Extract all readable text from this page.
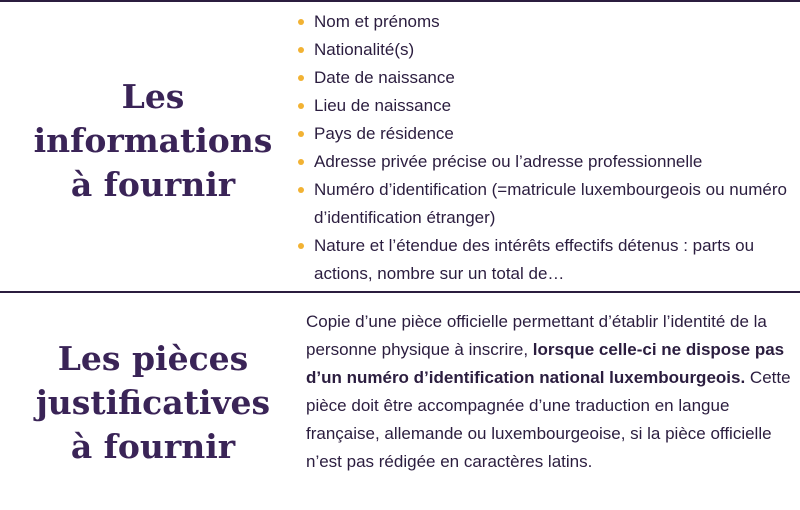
Les
informations
à fournir
Nom et prénoms
Nationalité(s)
Date de naissance
Lieu de naissance
Pays de résidence
Adresse privée précise ou l’adresse professionnelle
Numéro d’identification (=matricule luxembourgeois ou numéro d’identification étranger)
Nature et l’étendue des intérêts effectifs détenus : parts ou actions, nombre sur un total de…
Les pièces
justificatives
à fournir

Copie d’une pièce officielle permettant d’établir l’identité de la personne physique à inscrire, lorsque celle-ci ne dispose pas d’un numéro d’identification national luxembourgeois. Cette pièce doit être accompagnée d’une traduction en langue française, allemande ou luxembourgeoise, si la pièce officielle n’est pas rédigée en caractères latins.
